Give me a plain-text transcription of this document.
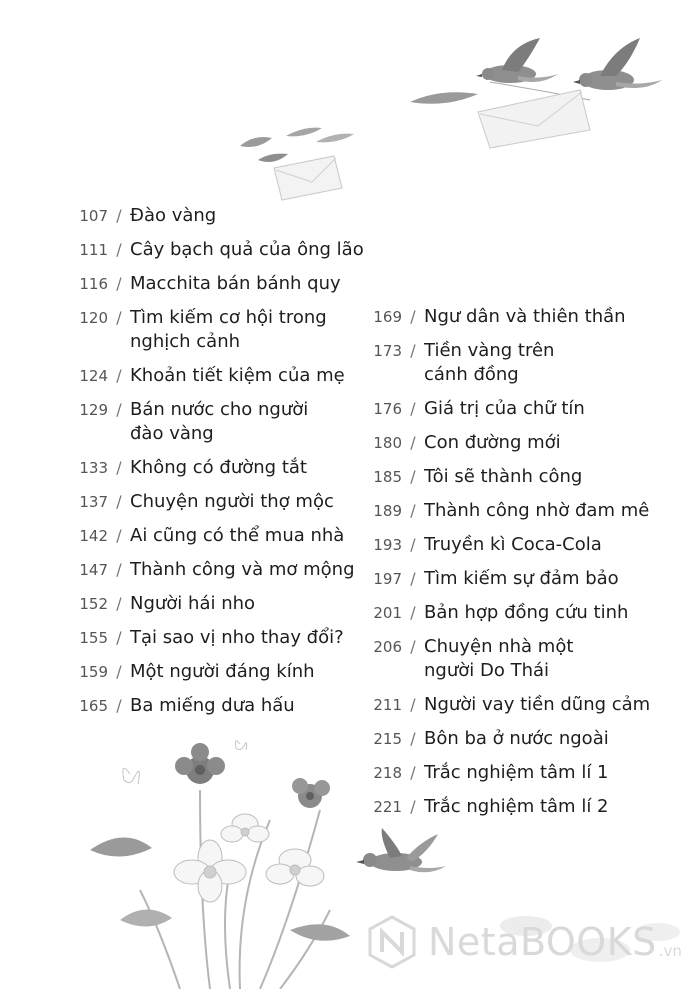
107 / Đào vàng
111 / Cây bạch quả của ông lão
116 / Macchita bán bánh quy
120 / Tìm kiếm cơ hội trong
nghịch cảnh
124 / Khoản tiết kiệm của mẹ
129 / Bán nước cho người
đào vàng
133 / Không có đường tắt
137 / Chuyện người thợ mộc
142 / Ai cũng có thể mua nhà
147 / Thành công và mơ mộng
152 / Người hái nho
155 / Tại sao vị nho thay đổi?
159 / Một người đáng kính
165 / Ba miếng dưa hấu
169 / Ngư dân và thiên thần
173 / Tiền vàng trên
cánh đồng
176 / Giá trị của chữ tín
180 / Con đường mới
185 / Tôi sẽ thành công
189 / Thành công nhờ đam mê
193 / Truyền kì Coca-Cola
197 / Tìm kiếm sự đảm bảo
201 / Bản hợp đồng cứu tinh
206 / Chuyện nhà một
người Do Thái
211 / Người vay tiền dũng cảm
215 / Bôn ba ở nước ngoài
218 / Trắc nghiệm tâm lí 1
221 / Trắc nghiệm tâm lí 2
NetaBOOKS .vn
